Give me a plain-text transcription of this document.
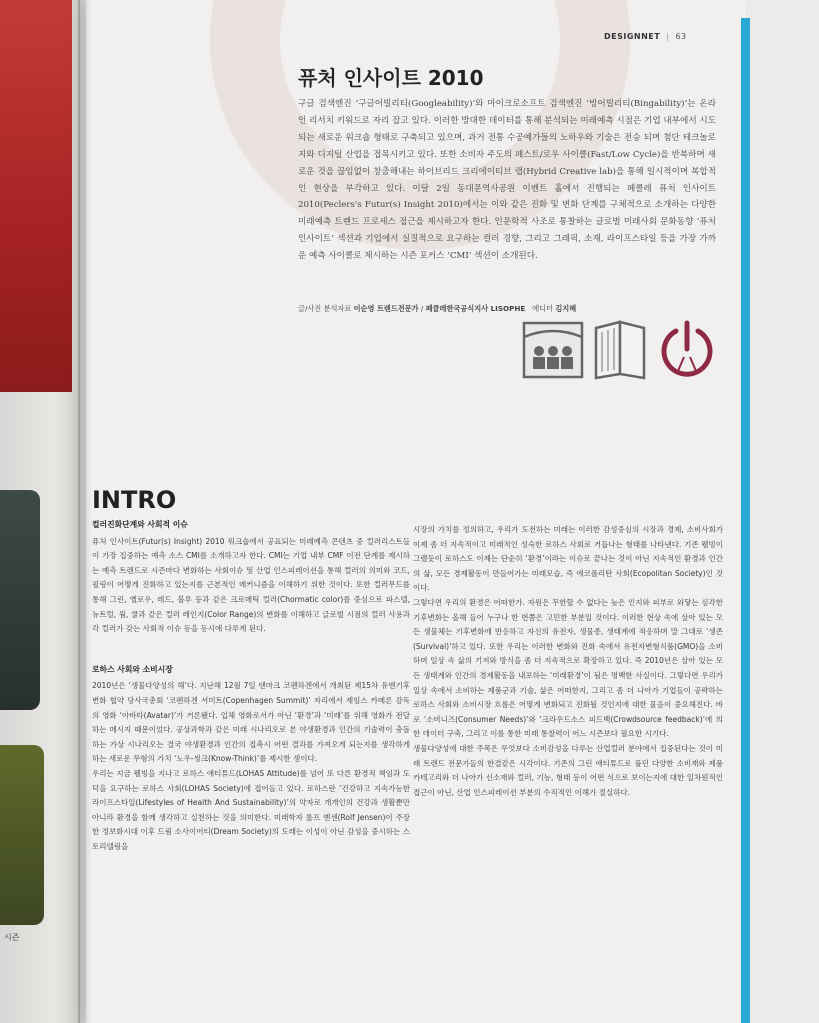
시즌
DESIGNNET | 63
퓨처 인사이트 2010

구글 검색엔진 ‘구글어빌리티(Googleability)’와 마이크로소프트 검색엔진 ‘빙어빌리티(Bingability)’는 온라인 리서치 키워드로 자리 잡고 있다. 이러한 방대한 데이터를 통해 분석되는 미래예측 시점은 기업 내부에서 시도되는 새로운 워크숍 형태로 구축되고 있으며, 과거 전통 수공예가들의 노하우와 기술은 전승 되며 첨단 테크놀로지와 디지털 산업을 접목시키고 있다. 또한 소비자 주도의 패스트/로우 사이클(Fast/Low Cycle)을 반복하며 새로운 것을 끊임없이 창출해내는 하이브리드 크리에이티브 랩(Hybrid Creative lab)을 통해 일시적이며 복합적인 현상을 부각하고 있다. 이달 2일 동대문역사공원 이벤트 홀에서 진행되는 페클레 퓨처 인사이트 2010(Peclers's Futur(s) Insight 2010)에서는 이와 같은 진화 및 변화 단계를 구체적으로 소개하는 다양한 미래예측 트렌드 프로세스 접근을 제시하고자 한다. 인문학적 사조로 통찰하는 글로벌 미래사회 문화동향 ‘퓨처 인사이트’ 섹션과 기업에서 실질적으로 요구하는 컬러 경향, 그리고 그래픽, 소재, 라이프스타일 등을 가장 가까운 예측 사이클로 제시하는 시즌 포커스 ‘CMI’ 섹션이 소개된다.

글/사진 분석자료 이순영 트렌드전문가 / 페클레한국공식지사 LISOPHE 에디터 김지혜
INTRO
컬러진화단계와 사회적 이슈

퓨처 인사이트(Futur(s) Insight) 2010 워크숍에서 공표되는 미래예측 콘텐츠 중 컬러리스트들이 가장 집중하는 예측 소스 CMI를 소개하고자 한다. CMI는 기업 내부 CMF 이전 단계를 제시하는 예측 트렌드로 시즌마다 변화하는 사회이슈 및 산업 인스피레이션을 통해 컬러의 의미와 코드, 필링이 어떻게 진화하고 있는지를 근본적인 메커니즘을 이해하기 위한 것이다. 또한 컬러무드를 통해 그린, 옐로우, 레드, 블루 등과 같은 크로매틱 컬러(Chormatic color)를 중심으로 파스텔, 뉴트럴, 웜, 쿨과 같은 컬러 레인지(Color Range)의 변화를 이해하고 글로벌 시점의 컬러 사용과 각 컬러가 갖는 사회적 이슈 등을 동시에 다루게 된다.

로하스 사회와 소비시장

2010년은 ‘생물다양성의 해’다. 지난해 12월 7일 덴마크 코펜하겐에서 개최된 제15차 유엔기후변화 협약 당사국총회 ‘코펜하겐 서미트(Copenhagen Summit)’ 자리에서 제임스 카메론 감독의 영화 ‘아바타(Avatar)’가 거론됐다. 입체 영화로서가 아닌 ‘환경’과 ‘미래’를 위해 영화가 전달하는 메시지 때문이었다. 공상과학과 같은 미래 시나리오로 본 야생환경과 인간의 기술력이 충돌하는 가상 시나리오는 결국 야생환경과 인간의 접촉시 어떤 결과를 가져오게 되는지를 생각하게 하는 새로운 무형의 가치 ‘노우-씽크(Know-Think)’를 제시한 셈이다.

우리는 지금 웰빙을 지나고 로하스 애티튜드(LOHAS Attitude)를 넘어 또 다른 환경적 책임과 도덕을 요구하는 로하스 사회(LOHAS Society)에 접어들고 있다. 로하스란 ‘건강하고 지속가능한 라이프스타일(Lifestyles of Health And Sustainability)’의 약자로 개개인의 건강과 생활뿐만 아니라 환경을 함께 생각하고 실천하는 것을 의미한다. 미래학자 롤프 옌센(Rolf Jensen)이 주장한 정보화시대 이후 드림 소사이어티(Dream Society)의 도래는 이성이 아닌 감성을 중시하는 스토리텔링을

시장의 가치를 정의하고, 우리가 도전하는 미래는 이러한 감성중심의 시장과 경제, 소비사회가 이제 좀 더 지속적이고 미래적인 성숙한 로하스 사회로 거듭나는 형태를 나타낸다. 기존 웰빙이 그랬듯이 로하스도 이제는 단순히 ‘환경’이라는 이슈로 끝나는 것이 아닌 지속적인 환경과 인간의 삶, 모든 경제활동이 만들어가는 미래모습, 즉 에코폴리탄 사회(Ecopolitan Society)인 것이다.

그렇다면 우리의 환경은 어떠한가. 자원은 무한할 수 없다는 늦은 인지와 피부로 와닿는 심각한 기후변화는 올해 들어 누구나 한 번쯤은 고민한 부분일 것이다. 이러한 현상 속에 살아 있는 모든 생물체는 기후변화에 반응하고 자신의 유전자, 생물종, 생태계에 적응하며 말 그대로 ‘생존(Survival)’하고 있다. 또한 우리는 이러한 변화와 진화 속에서 유전자변형식품(GMO)을 소비하며 일상 속 삶의 기저와 방식을 좀 더 지속적으로 확장하고 있다. 즉 2010년은 살아 있는 모든 생태계와 인간의 경제활동을 내포하는 ‘미래환경’이 됨은 명백한 사실이다. 그렇다면 우리가 일상 속에서 소비하는 제품군과 기술, 삶은 어떠한지, 그리고 좀 더 나아가 기업들이 공략하는 로하스 사회와 소비시장 흐름은 어떻게 변화되고 진화될 것인지에 대한 물음이 중요해진다. 바로 ‘소비니즈(Consumer Needs)’와 ‘크라우드소스 피드백(Crowdsource feedback)’에 의한 데이터 구축, 그리고 이를 통한 미래 통찰력이 어느 시즌보다 필요한 시기다.

생물다양성에 대한 주목은 무엇보다 소비감성을 다루는 산업컬러 분야에서 집중된다는 것이 미래 트렌드 전문가들의 한결같은 시각이다. 기존의 그린 애티튜드로 풀던 다양한 소비재와 제품 카테고리와 더 나아가 신소재와 컬러, 기능, 형태 등이 어떤 식으로 보이는지에 대한 일차원적인 접근이 아닌, 산업 인스피레이션 부분의 수직적인 이해가 절실하다.
